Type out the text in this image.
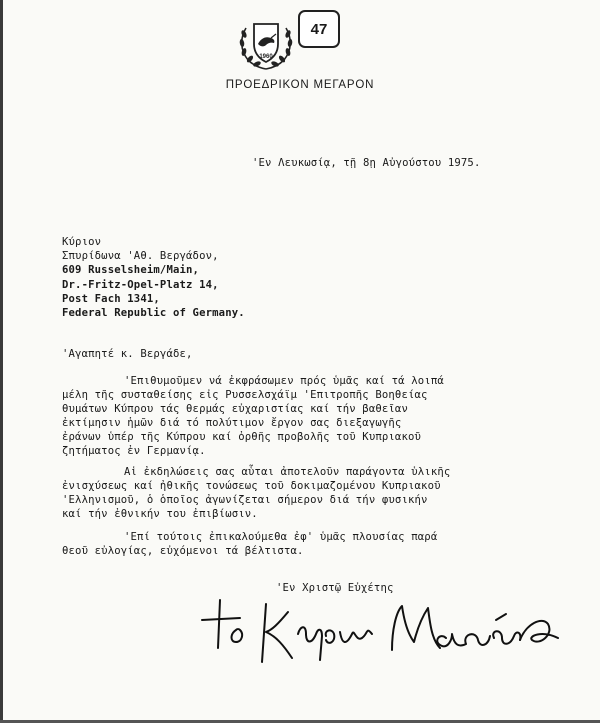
1960
47
ΠΡΟΕΔΡΙΚΟΝ ΜΕΓΑΡΟΝ
'Εν Λευκωσίᾳ, τῇ 8ῃ Αὐγούστου 1975.
Κύριον
Σπυρίδωνα 'Αθ. Βεργάδον,
609 Russelsheim/Main,
Dr.-Fritz-Opel-Platz 14,
Post Fach 1341,
Federal Republic of Germany.
'Αγαπητέ κ. Βεργάδε,
'Επιθυμοῦμεν νά ἐκφράσωμεν πρός ὑμᾶς καί τά λοιπά
μέλη τῆς συσταθείσης εἰς Ρυσσελσχάϊμ 'Επιτροπῆς Βοηθείας
θυμάτων Κύπρου τάς θερμάς εὐχαριστίας καί τήν βαθεῖαν
ἐκτίμησιν ἡμῶν διά τό πολύτιμον ἔργον σας διεξαγωγῆς
ἐράνων ὑπέρ τῆς Κύπρου καί ὀρθῆς προβολῆς τοῦ Κυπριακοῦ
ζητήματος ἐν Γερμανίᾳ.
Αἱ ἐκδηλώσεις σας αὗται ἀποτελοῦν παράγοντα ὑλικῆς
ἐνισχύσεως καί ἠθικῆς τονώσεως τοῦ δοκιμαζομένου Κυπριακοῦ
'Ελληνισμοῦ, ὁ ὁποῖος ἀγωνίζεται σήμερον διά τήν φυσικήν
καί τήν ἐθνικήν του ἐπιβίωσιν.
'Επί τούτοις ἐπικαλούμεθα ἐφ' ὑμᾶς πλουσίας παρά
θεοῦ εὐλογίας, εὐχόμενοι τά βέλτιστα.
'Εν Χριστῷ Εὐχέτης
